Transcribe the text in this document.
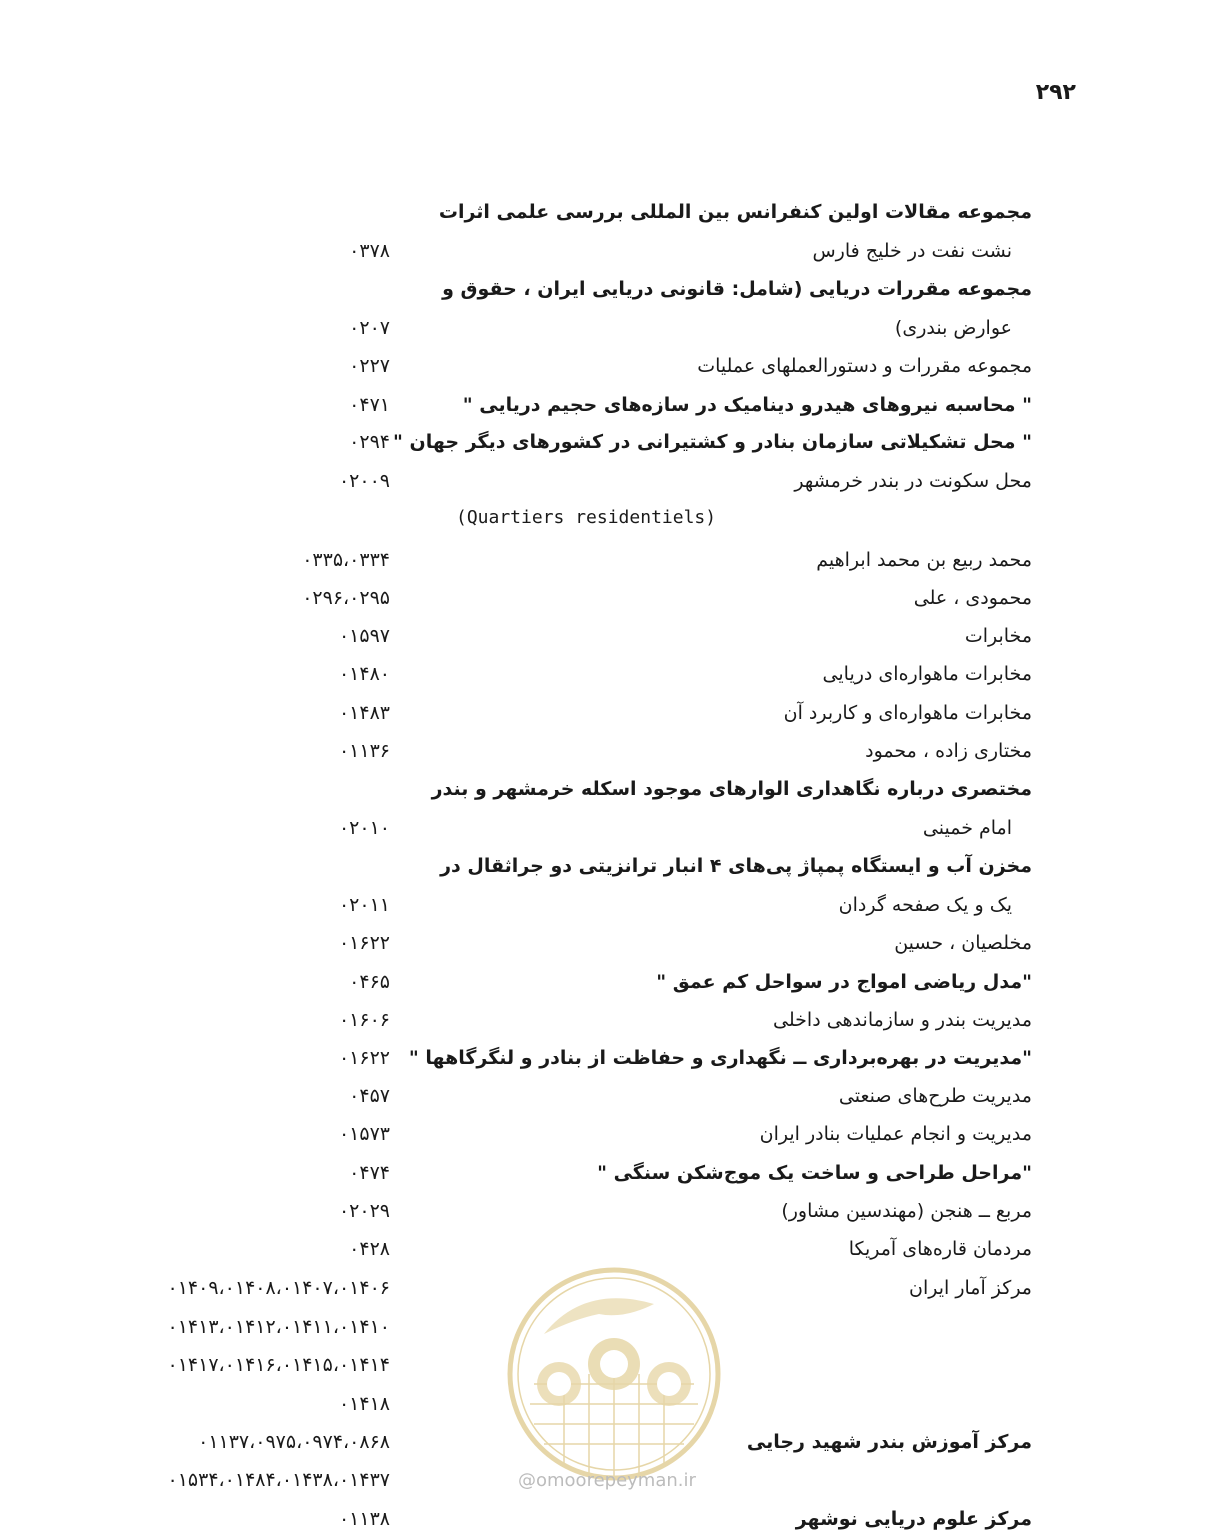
۲۹۲
مجموعه مقالات اولین کنفرانس بین المللی بررسی علمی اثرات
نشت نفت در خلیج فارس
۰۳۷۸
مجموعه مقررات دریایی (شامل: قانونی دریایی ایران ، حقوق و
عوارض بندری)
۰۲۰۷
مجموعه مقررات و دستورالعملهای عملیات
۰۲۲۷
" محاسبه نیروهای هیدرو دینامیک در سازه‌های حجیم دریایی "
۰۴۷۱
" محل تشکیلاتی سازمان بنادر و کشتیرانی در کشورهای دیگر جهان "
۰۲۹۴
محل سکونت در بندر خرمشهر
۰۲۰۰۹
(Quartiers residentiels)
محمد ربیع بن محمد ابراهیم
۰۳۳۵،۰۳۳۴
محمودی ، علی
۰۲۹۶،۰۲۹۵
مخابرات
۰۱۵۹۷
مخابرات ماهواره‌ای دریایی
۰۱۴۸۰
مخابرات ماهواره‌ای و کاربرد آن
۰۱۴۸۳
مختاری زاده ، محمود
۰۱۱۳۶
مختصری درباره نگاهداری الوارهای موجود اسکله خرمشهر و بندر
امام خمینی
۰۲۰۱۰
مخزن آب و ایستگاه پمپاژ پی‌های ۴ انبار ترانزیتی دو جراثقال در
یک و یک صفحه گردان
۰۲۰۱۱
مخلصیان ، حسین
۰۱۶۲۲
"مدل ریاضی امواج در سواحل کم عمق "
۰۴۶۵
مدیریت بندر و سازماندهی داخلی
۰۱۶۰۶
"مدیریت در بهره‌برداری ــ نگهداری و حفاظت از بنادر و لنگرگاهها "
۰۱۶۲۲
مدیریت طرح‌های صنعتی
۰۴۵۷
مدیریت و انجام عملیات بنادر ایران
۰۱۵۷۳
"مراحل طراحی و ساخت یک موج‌شکن سنگی "
۰۴۷۴
مربع ــ هنجن (مهندسین مشاور)
۰۲۰۲۹
مردمان قاره‌های آمریکا
۰۴۲۸
مرکز آمار ایران
۰۱۴۰۹،۰۱۴۰۸،۰۱۴۰۷،۰۱۴۰۶
۰۱۴۱۳،۰۱۴۱۲،۰۱۴۱۱،۰۱۴۱۰
۰۱۴۱۷،۰۱۴۱۶،۰۱۴۱۵،۰۱۴۱۴
۰۱۴۱۸
مرکز آموزش بندر شهید رجایی
۰۱۱۳۷،۰۹۷۵،۰۹۷۴،۰۸۶۸
۰۱۵۳۴،۰۱۴۸۴،۰۱۴۳۸،۰۱۴۳۷
مرکز علوم دریایی نوشهر
۰۱۱۳۸
@omoorepeyman.ir
